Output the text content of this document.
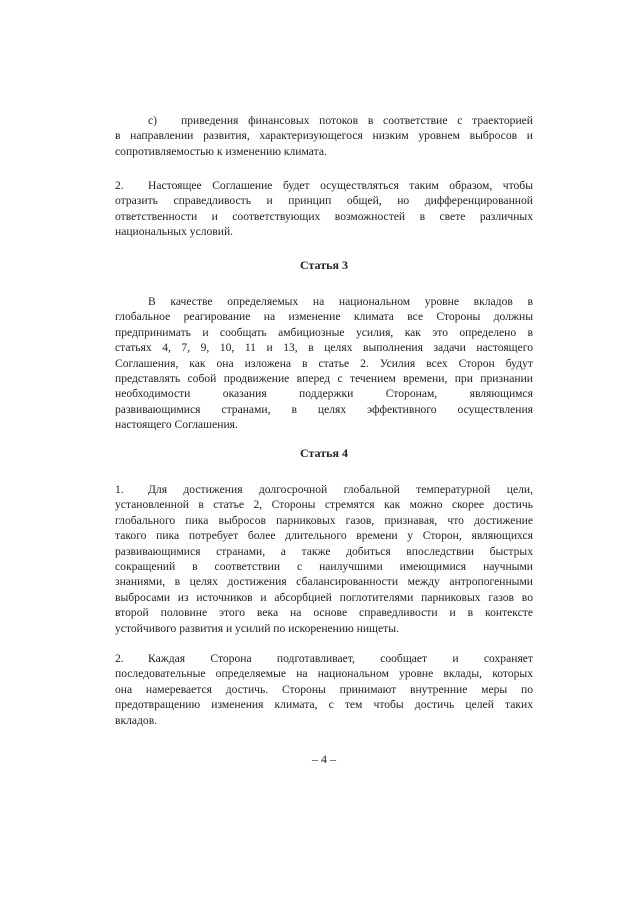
c) приведения финансовых потоков в соответствие с траекторией
в направлении развития, характеризующегося низким уровнем выбросов и
сопротивляемостью к изменению климата.
2. Настоящее Соглашение будет осуществляться таким образом, чтобы
отразить справедливость и принцип общей, но дифференцированной
ответственности и соответствующих возможностей в свете различных
национальных условий.
Статья 3
В качестве определяемых на национальном уровне вкладов в
глобальное реагирование на изменение климата все Стороны должны
предпринимать и сообщать амбициозные усилия, как это определено в
статьях 4, 7, 9, 10, 11 и 13, в целях выполнения задачи настоящего
Соглашения, как она изложена в статье 2. Усилия всех Сторон будут
представлять собой продвижение вперед с течением времени, при признании
необходимости оказания поддержки Сторонам, являющимся
развивающимися странами, в целях эффективного осуществления
настоящего Соглашения.
Статья 4
1. Для достижения долгосрочной глобальной температурной цели,
установленной в статье 2, Стороны стремятся как можно скорее достичь
глобального пика выбросов парниковых газов, признавая, что достижение
такого пика потребует более длительного времени у Сторон, являющихся
развивающимися странами, а также добиться впоследствии быстрых
сокращений в соответствии с наилучшими имеющимися научными
знаниями, в целях достижения сбалансированности между антропогенными
выбросами из источников и абсорбцией поглотителями парниковых газов во
второй половине этого века на основе справедливости и в контексте
устойчивого развития и усилий по искоренению нищеты.
2. Каждая Сторона подготавливает, сообщает и сохраняет
последовательные определяемые на национальном уровне вклады, которых
она намеревается достичь. Стороны принимают внутренние меры по
предотвращению изменения климата, с тем чтобы достичь целей таких
вкладов.
– 4 –
